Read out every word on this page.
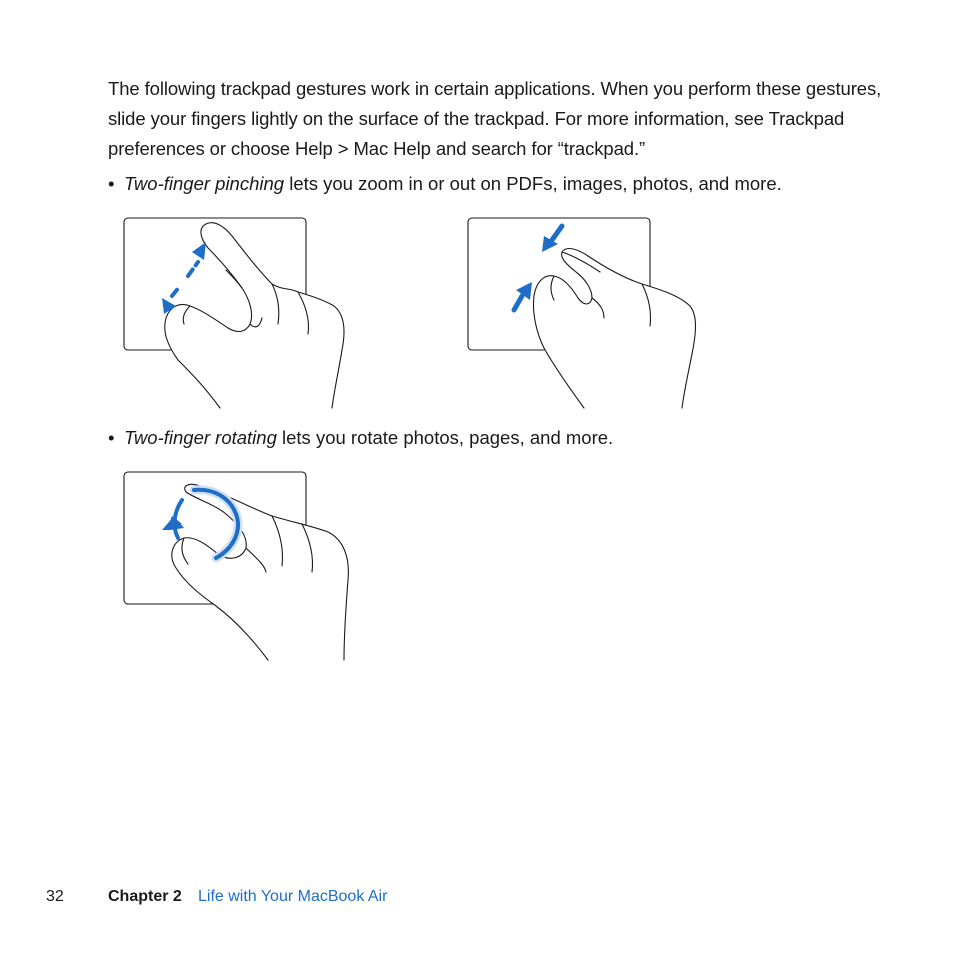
The following trackpad gestures work in certain applications. When you perform these gestures, slide your fingers lightly on the surface of the trackpad. For more information, see Trackpad preferences or choose Help > Mac Help and search for “trackpad.”

• Two-finger pinching lets you zoom in or out on PDFs, images, photos, and more.
• Two-finger rotating lets you rotate photos, pages, and more.
32	Chapter 2 Life with Your MacBook Air
